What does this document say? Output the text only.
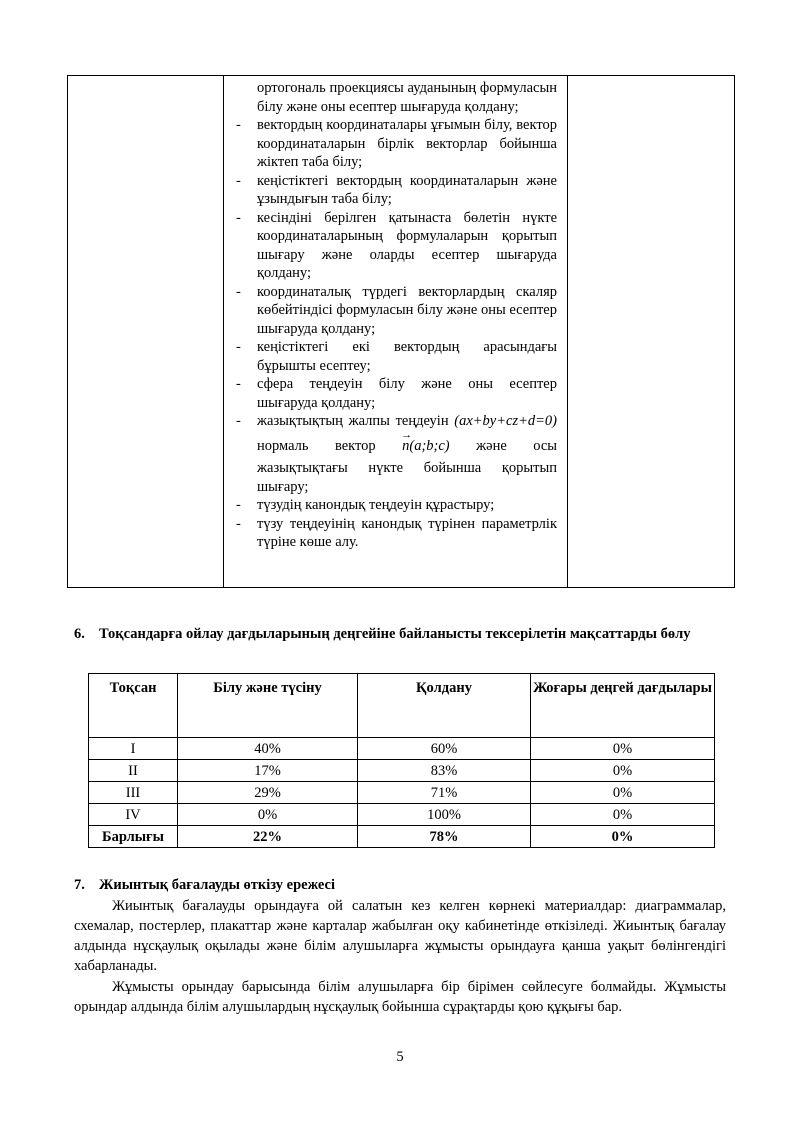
ортогональ проекциясы ауданының формуласын білу және оны есептер шығаруда қолдану;
- вектордың координаталары ұғымын білу, вектор координаталарын бірлік векторлар бойынша жіктеп таба білу;
- кеңістіктегі вектордың координаталарын және ұзындығын таба білу;
- кесіндіні берілген қатынаста бөлетін нүкте координаталарының формулаларын қорытып шығару және оларды есептер шығаруда қолдану;
- координаталық түрдегі векторлардың скаляр көбейтіндісі формуласын білу және оны есептер шығаруда қолдану;
- кеңістіктегі екі вектордың арасындағы бұрышты есептеу;
- сфера теңдеуін білу және оны есептер шығаруда қолдану;
- жазықтықтың жалпы теңдеуін (ax+by+cz+d=0) нормаль вектор
→
n(a;b;c) және осы жазықтықтағы нүкте бойынша қорытып шығару;
- түзудің канондық теңдеуін құрастыру;
- түзу теңдеуінің канондық түрінен параметрлік түріне көше алу.

6. Тоқсандарға ойлау дағдыларының деңгейіне байланысты тексерілетін мақсаттарды бөлу
Тоқсан	Білу және түсіну	Қолдану	Жоғары деңгей дағдылары
I	40%	60%	0%
II	17%	83%	0%
III	29%	71%	0%
IV	0%	100%	0%
Барлығы	22%	78%	0%
7. Жиынтық бағалауды өткізу ережесі

Жиынтық бағалауды орындауға ой салатын кез келген көрнекі материалдар: диаграммалар, схемалар, постерлер, плакаттар және карталар жабылған оқу кабинетінде өткізіледі. Жиынтық бағалау алдында нұсқаулық оқылады және білім алушыларға жұмысты орындауға қанша уақыт бөлінгендігі хабарланады.

Жұмысты орындау барысында білім алушыларға бір бірімен сөйлесуге болмайды. Жұмысты орындар алдында білім алушылардың нұсқаулық бойынша сұрақтарды қою құқығы бар.

5
